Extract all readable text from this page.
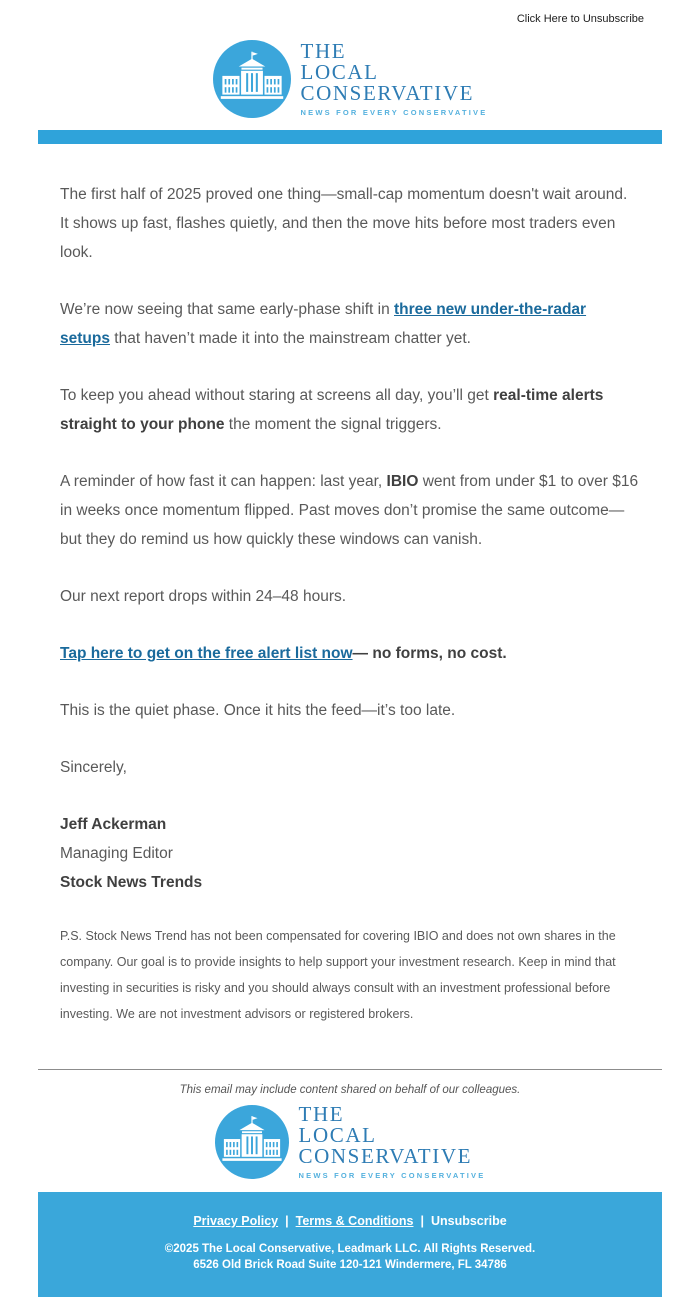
Click Here to Unsubscribe
THE
LOCAL
CONSERVATIVE
NEWS FOR EVERY CONSERVATIVE

The first half of 2025 proved one thing—small-cap momentum doesn't wait around. It shows up fast, flashes quietly, and then the move hits before most traders even look.

We’re now seeing that same early-phase shift in three new under-the-radar setups that haven’t made it into the mainstream chatter yet.

To keep you ahead without staring at screens all day, you’ll get real-time alerts straight to your phone the moment the signal triggers.

A reminder of how fast it can happen: last year, IBIO went from under $1 to over $16 in weeks once momentum flipped. Past moves don’t promise the same outcome—but they do remind us how quickly these windows can vanish.

Our next report drops within 24–48 hours.

Tap here to get on the free alert list now— no forms, no cost.

This is the quiet phase. Once it hits the feed—it’s too late.

Sincerely,

Jeff Ackerman
Managing Editor
Stock News Trends

P.S. Stock News Trend has not been compensated for covering IBIO and does not own shares in the company. Our goal is to provide insights to help support your investment research. Keep in mind that investing in securities is risky and you should always consult with an investment professional before investing. We are not investment advisors or registered brokers.

This email may include content shared on behalf of our colleagues.
THE
LOCAL
CONSERVATIVE
NEWS FOR EVERY CONSERVATIVE
Privacy Policy | Terms & Conditions | Unsubscribe
©2025 The Local Conservative, Leadmark LLC. All Rights Reserved.
6526 Old Brick Road Suite 120-121 Windermere, FL 34786
